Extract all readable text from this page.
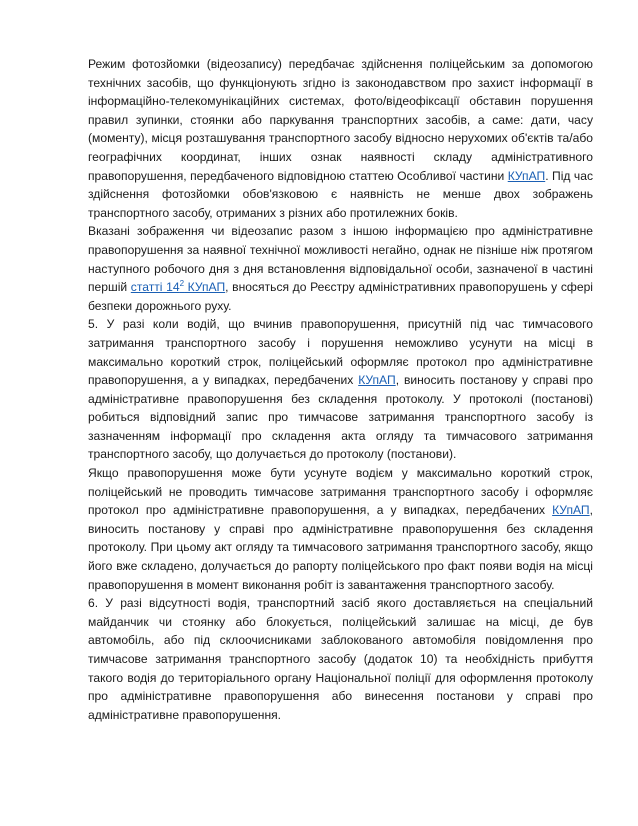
Режим фотозйомки (відеозапису) передбачає здійснення поліцейським за допомогою технічних засобів, що функціонують згідно із законодавством про захист інформації в інформаційно-телекомунікаційних системах, фото/відеофіксації обставин порушення правил зупинки, стоянки або паркування транспортних засобів, а саме: дати, часу (моменту), місця розташування транспортного засобу відносно нерухомих об'єктів та/або географічних координат, інших ознак наявності складу адміністративного правопорушення, передбаченого відповідною статтею Особливої частини КУпАП. Під час здійснення фотозйомки обов'язковою є наявність не менше двох зображень транспортного засобу, отриманих з різних або протилежних боків.

Вказані зображення чи відеозапис разом з іншою інформацією про адміністративне правопорушення за наявної технічної можливості негайно, однак не пізніше ніж протягом наступного робочого дня з дня встановлення відповідальної особи, зазначеної в частині першій статті $14^2$ КУпАП, вносяться до Реєстру адміністративних правопорушень у сфері безпеки дорожнього руху.

5. У разі коли водій, що вчинив правопорушення, присутній під час тимчасового затримання транспортного засобу і порушення неможливо усунути на місці в максимально короткий строк, поліцейський оформляє протокол про адміністративне правопорушення, а у випадках, передбачених КУпАП, виносить постанову у справі про адміністративне правопорушення без складення протоколу. У протоколі (постанові) робиться відповідний запис про тимчасове затримання транспортного засобу із зазначенням інформації про складення акта огляду та тимчасового затримання транспортного засобу, що долучається до протоколу (постанови).

Якщо правопорушення може бути усунуте водієм у максимально короткий строк, поліцейський не проводить тимчасове затримання транспортного засобу і оформляє протокол про адміністративне правопорушення, а у випадках, передбачених КУпАП, виносить постанову у справі про адміністративне правопорушення без складення протоколу. При цьому акт огляду та тимчасового затримання транспортного засобу, якщо його вже складено, долучається до рапорту поліцейського про факт появи водія на місці правопорушення в момент виконання робіт із завантаження транспортного засобу.

6. У разі відсутності водія, транспортний засіб якого доставляється на спеціальний майданчик чи стоянку або блокується, поліцейський залишає на місці, де був автомобіль, або під склоочисниками заблокованого автомобіля повідомлення про тимчасове затримання транспортного засобу (додаток 10) та необхідність прибуття такого водія до територіального органу Національної поліції для оформлення протоколу про адміністративне правопорушення або винесення постанови у справі про адміністративне правопорушення.
